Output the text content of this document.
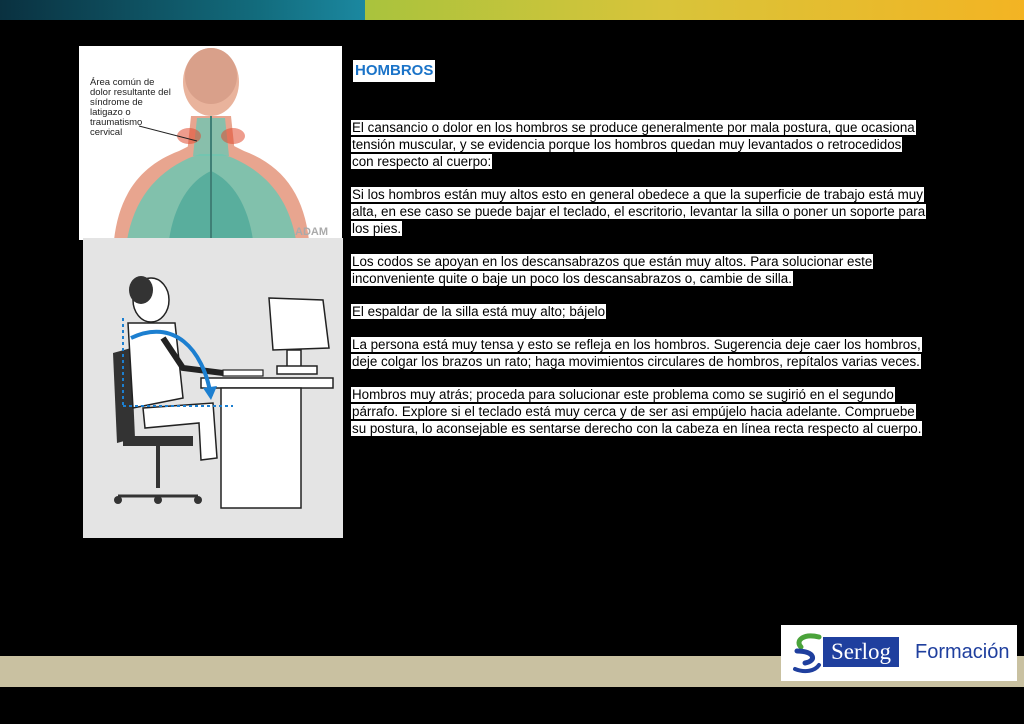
Área común de dolor resultante del síndrome de latigazo o traumatismo cervical
ADAM
HOMBROS

El cansancio o dolor en los hombros se produce generalmente por mala postura, que ocasiona tensión muscular, y se evidencia porque los hombros quedan muy levantados o retrocedidos con respecto al cuerpo:

Si los hombros están muy altos esto en general obedece a que la superficie de trabajo está muy alta, en ese caso se puede bajar el teclado, el escritorio, levantar la silla o poner un soporte para los pies.

Los codos se apoyan en los descansabrazos que están muy altos. Para solucionar este inconveniente quite o baje un poco los descansabrazos o, cambie de silla.

El espaldar de la silla está muy alto; bájelo

La persona está muy tensa y esto se refleja en los hombros. Sugerencia deje caer los hombros, deje colgar los brazos un rato; haga movimientos circulares de hombros, repítalos varias veces.

Hombros muy atrás; proceda para solucionar este problema como se sugirió en el segundo párrafo. Explore si el teclado está muy cerca y de ser asi empújelo hacia adelante. Compruebe su postura, lo aconsejable es sentarse derecho con la cabeza en línea recta respecto al cuerpo.

Serlog	Formación
